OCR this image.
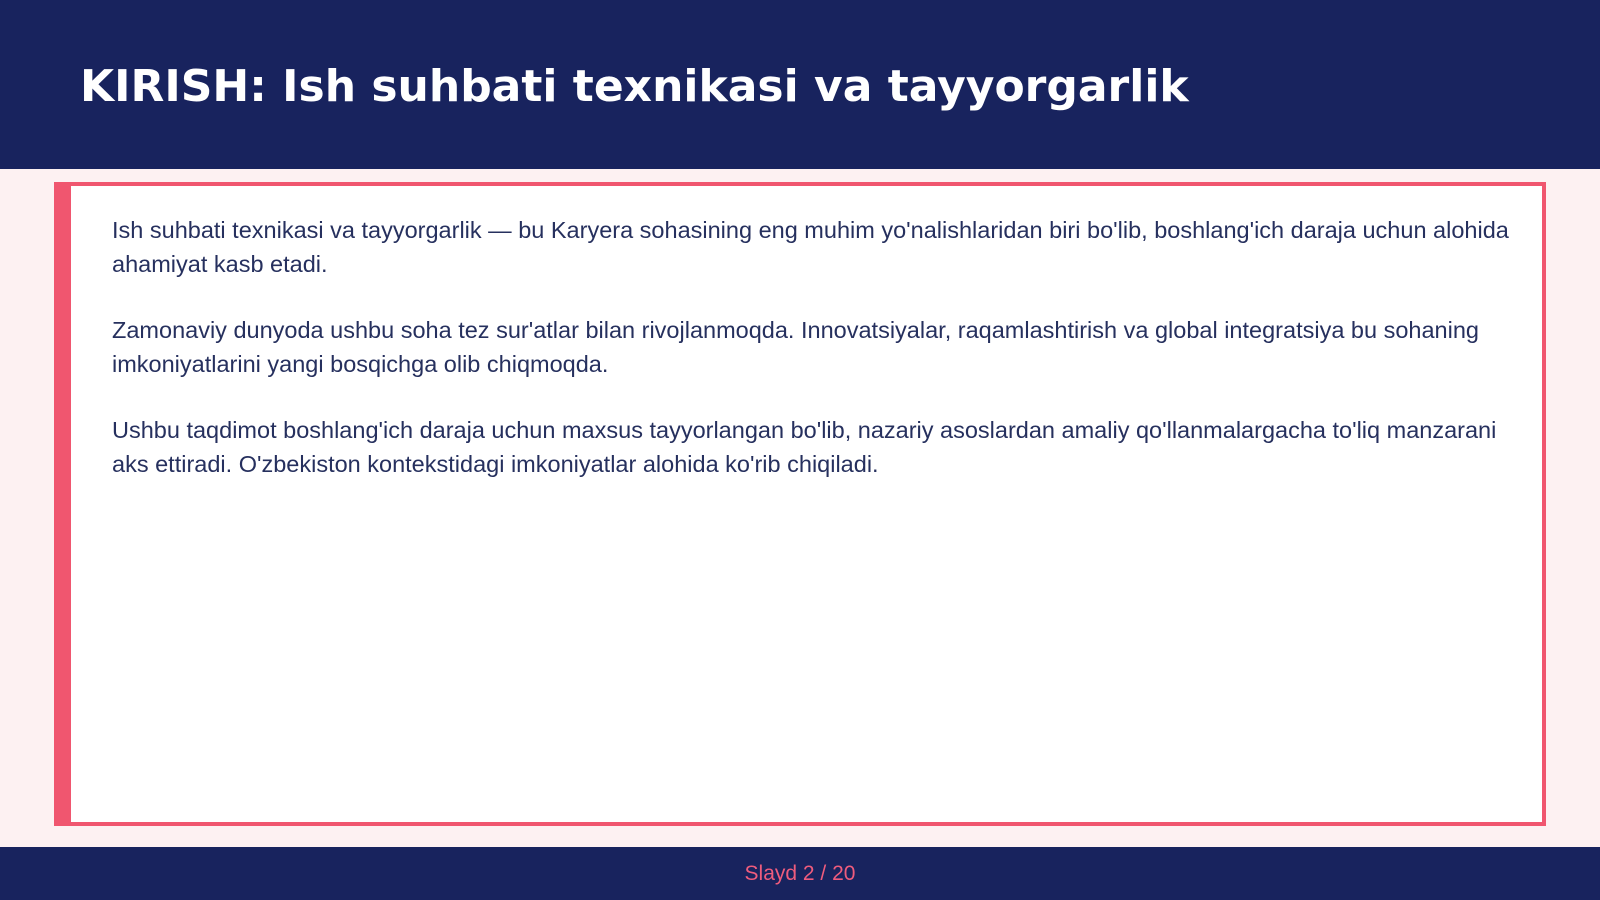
KIRISH: Ish suhbati texnikasi va tayyorgarlik

Ish suhbati texnikasi va tayyorgarlik — bu Karyera sohasining eng muhim yo'nalishlaridan biri bo'lib, boshlang'ich daraja uchun alohida ahamiyat kasb etadi.

Zamonaviy dunyoda ushbu soha tez sur'atlar bilan rivojlanmoqda. Innovatsiyalar, raqamlashtirish va global integratsiya bu sohaning imkoniyatlarini yangi bosqichga olib chiqmoqda.

Ushbu taqdimot boshlang'ich daraja uchun maxsus tayyorlangan bo'lib, nazariy asoslardan amaliy qo'llanmalargacha to'liq manzarani aks ettiradi. O'zbekiston kontekstidagi imkoniyatlar alohida ko'rib chiqiladi.

Slayd 2 / 20
